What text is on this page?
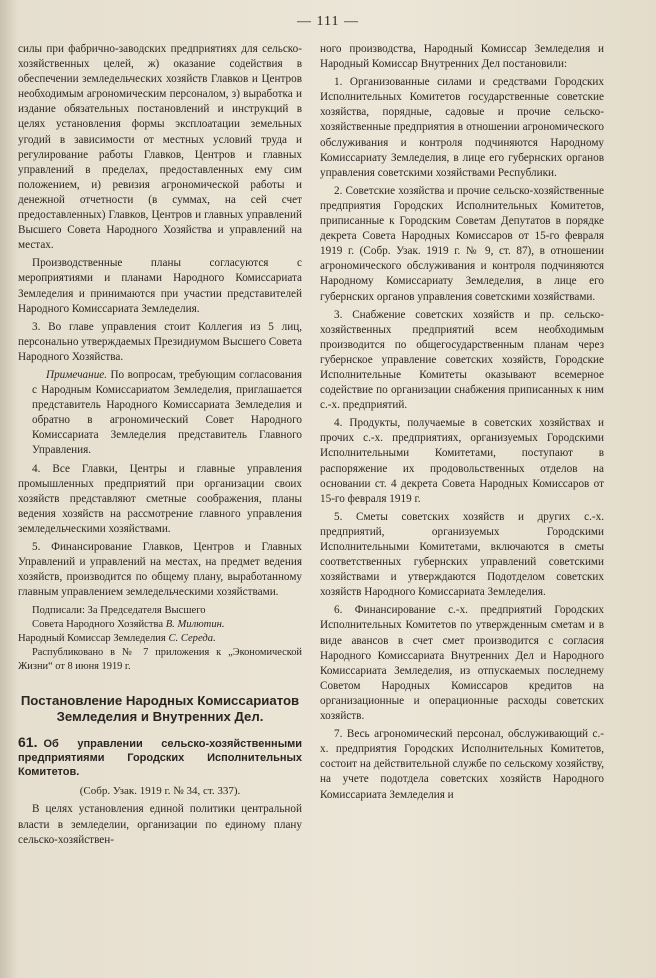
— 111 —

силы при фабрично-заводских предприятиях для сельско-хозяйственных целей, ж) оказание содействия в обеспечении земледельческих хозяйств Главков и Центров необходимым агрономическим персоналом, з) выработка и издание обязательных постановлений и инструкций в целях установления формы эксплоатации земельных угодий в зависимости от местных условий труда и регулирование работы Главков, Центров и главных управлений в пределах, предоставленных ему сим положением, и) ревизия агрономической работы и денежной отчетности (в суммах, на сей счет предоставленных) Главков, Центров и главных управлений Высшего Совета Народного Хозяйства и управлений на местах.

Производственные планы согласуются с мероприятиями и планами Народного Комиссариата Земледелия и принимаются при участии представителей Народного Комиссариата Земледелия.

3. Во главе управления стоит Коллегия из 5 лиц, персонально утверждаемых Президиумом Высшего Совета Народного Хозяйства.

Примечание. По вопросам, требующим согласования с Народным Комиссариатом Земледелия, приглашается представитель Народного Комиссариата Земледелия и обратно в агрономический Совет Народного Комиссариата Земледелия представитель Главного Управления.

4. Все Главки, Центры и главные управления промышленных предприятий при организации своих хозяйств представляют сметные соображения, планы ведения хозяйств на рассмотрение главного управления земледельческими хозяйствами.

5. Финансирование Главков, Центров и Главных Управлений и управлений на местах, на предмет ведения хозяйств, производится по общему плану, выработанному главным управлением земледельческими хозяйствами.

Подписали: За Председателя Высшего
Совета Народного Хозяйства В. Милютин.
Народный Комиссар Земледелия С. Середа.

Распубликовано в № 7 приложения к „Экономической Жизни“ от 8 июня 1919 г.

Постановление Народных Комиссариатов Земледелия и Внутренних Дел.
61. Об управлении сельско-хозяйственными предприятиями Городских Исполнительных Комитетов.
(Собр. Узак. 1919 г. № 34, ст. 337).

В целях установления единой политики центральной власти в земледелии, организации по единому плану сельско-хозяйствен-

ного производства, Народный Комиссар Земледелия и Народный Комиссар Внутренних Дел постановили:

1. Организованные силами и средствами Городских Исполнительных Комитетов государственные советские хозяйства, порядные, садовые и прочие сельско-хозяйственные предприятия в отношении агрономического обслуживания и контроля подчиняются Народному Комиссариату Земледелия, в лице его губернских органов управления советскими хозяйствами Республики.

2. Советские хозяйства и прочие сельско-хозяйственные предприятия Городских Исполнительных Комитетов, приписанные к Городским Советам Депутатов в порядке декрета Совета Народных Комиссаров от 15-го февраля 1919 г. (Собр. Узак. 1919 г. № 9, ст. 87), в отношении агрономического обслуживания и контроля подчиняются Народному Комиссариату Земледелия, в лице его губернских органов управления советскими хозяйствами.

3. Снабжение советских хозяйств и пр. сельско-хозяйственных предприятий всем необходимым производится по общегосударственным планам через губернское управление советских хозяйств, Городские Исполнительные Комитеты оказывают всемерное содействие по организации снабжения приписанных к ним с.-х. предприятий.

4. Продукты, получаемые в советских хозяйствах и прочих с.-х. предприятиях, организуемых Городскими Исполнительными Комитетами, поступают в распоряжение их продовольственных отделов на основании ст. 4 декрета Совета Народных Комиссаров от 15-го февраля 1919 г.

5. Сметы советских хозяйств и других с.-х. предприятий, организуемых Городскими Исполнительными Комитетами, включаются в сметы соответственных губернских управлений советскими хозяйствами и утверждаются Подотделом советских хозяйств Народного Комиссариата Земледелия.

6. Финансирование с.-х. предприятий Городских Исполнительных Комитетов по утвержденным сметам и в виде авансов в счет смет производится с согласия Народного Комиссариата Внутренних Дел и Народного Комиссариата Земледелия, из отпускаемых последнему Советом Народных Комиссаров кредитов на организационные и операционные расходы советских хозяйств.

7. Весь агрономический персонал, обслуживающий с.-х. предприятия Городских Исполнительных Комитетов, состоит на действительной службе по сельскому хозяйству, на учете подотдела советских хозяйств Народного Комиссариата Земледелия и
